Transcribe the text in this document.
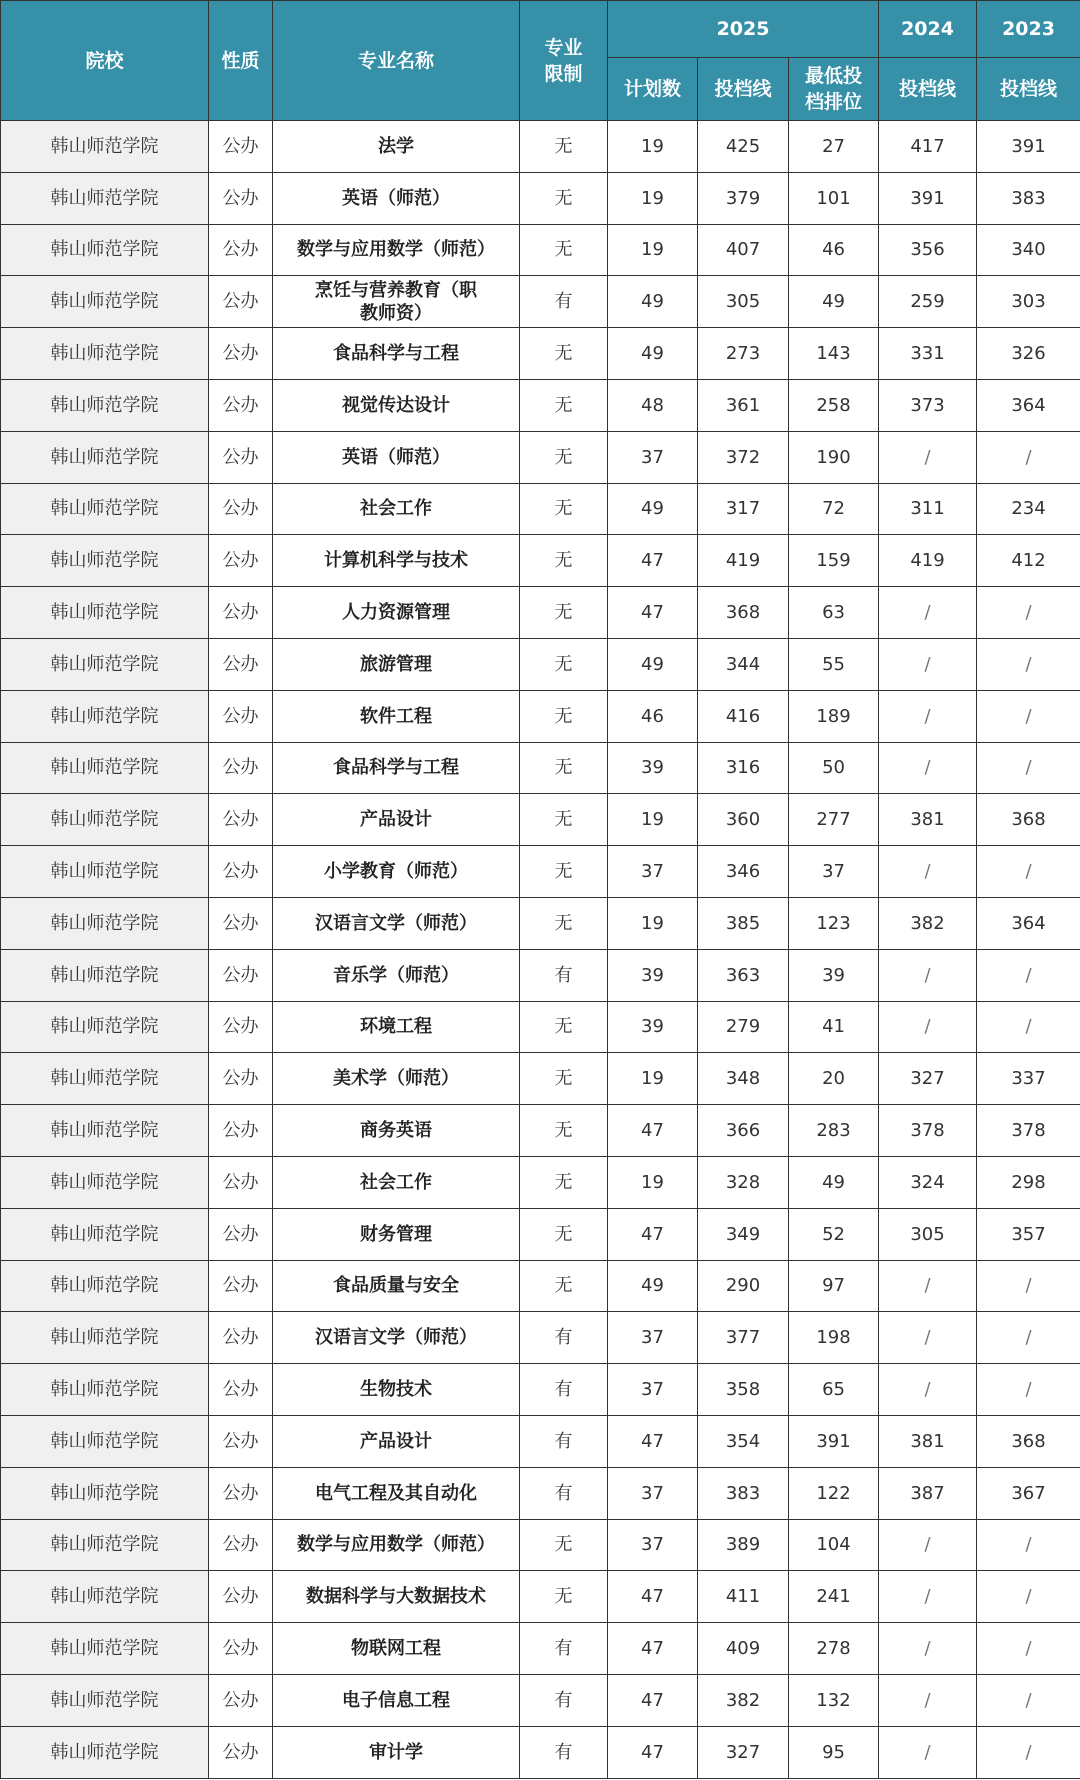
院校	性质	专业名称	专业限制	2025			2024	2023
				计划数	投档线	最低投档排位	投档线	投档线
韩山师范学院	公办	法学	无	19	425	27	417	391
韩山师范学院	公办	英语（师范）	无	19	379	101	391	383
韩山师范学院	公办	数学与应用数学（师范）	无	19	407	46	356	340
韩山师范学院	公办	烹饪与营养教育（职教师资）	有	49	305	49	259	303
韩山师范学院	公办	食品科学与工程	无	49	273	143	331	326
韩山师范学院	公办	视觉传达设计	无	48	361	258	373	364
韩山师范学院	公办	英语（师范）	无	37	372	190	/	/
韩山师范学院	公办	社会工作	无	49	317	72	311	234
韩山师范学院	公办	计算机科学与技术	无	47	419	159	419	412
韩山师范学院	公办	人力资源管理	无	47	368	63	/	/
韩山师范学院	公办	旅游管理	无	49	344	55	/	/
韩山师范学院	公办	软件工程	无	46	416	189	/	/
韩山师范学院	公办	食品科学与工程	无	39	316	50	/	/
韩山师范学院	公办	产品设计	无	19	360	277	381	368
韩山师范学院	公办	小学教育（师范）	无	37	346	37	/	/
韩山师范学院	公办	汉语言文学（师范）	无	19	385	123	382	364
韩山师范学院	公办	音乐学（师范）	有	39	363	39	/	/
韩山师范学院	公办	环境工程	无	39	279	41	/	/
韩山师范学院	公办	美术学（师范）	无	19	348	20	327	337
韩山师范学院	公办	商务英语	无	47	366	283	378	378
韩山师范学院	公办	社会工作	无	19	328	49	324	298
韩山师范学院	公办	财务管理	无	47	349	52	305	357
韩山师范学院	公办	食品质量与安全	无	49	290	97	/	/
韩山师范学院	公办	汉语言文学（师范）	有	37	377	198	/	/
韩山师范学院	公办	生物技术	有	37	358	65	/	/
韩山师范学院	公办	产品设计	有	47	354	391	381	368
韩山师范学院	公办	电气工程及其自动化	有	37	383	122	387	367
韩山师范学院	公办	数学与应用数学（师范）	无	37	389	104	/	/
韩山师范学院	公办	数据科学与大数据技术	无	47	411	241	/	/
韩山师范学院	公办	物联网工程	有	47	409	278	/	/
韩山师范学院	公办	电子信息工程	有	47	382	132	/	/
韩山师范学院	公办	审计学	有	47	327	95	/	/
